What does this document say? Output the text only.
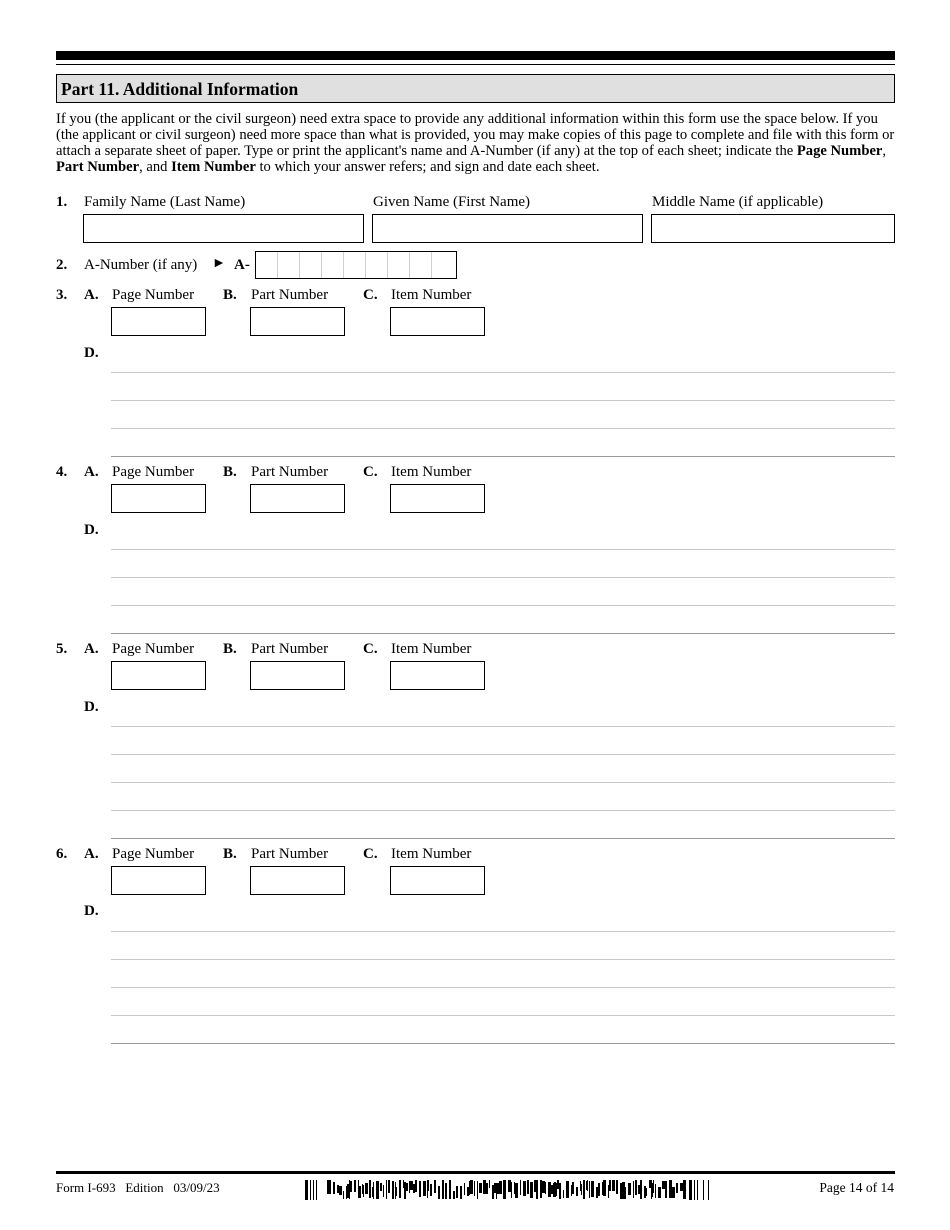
Part 11. Additional Information
If you (the applicant or the civil surgeon) need extra space to provide any additional information within this form use the space below. If you (the applicant or civil surgeon) need more space than what is provided, you may make copies of this page to complete and file with this form or attach a separate sheet of paper. Type or print the applicant's name and A-Number (if any) at the top of each sheet; indicate the Page Number, Part Number, and Item Number to which your answer refers; and sign and date each sheet.
1. Family Name (Last Name)	Given Name (First Name)	Middle Name (if applicable)
2. A-Number (if any) ► A-
3. A. Page Number B. Part Number C. Item Number
D.
4. A. Page Number B. Part Number C. Item Number
D.
5. A. Page Number B. Part Number C. Item Number
D.
6. A. Page Number B. Part Number C. Item Number
D.
Form I-693   Edition   03/09/23	Page 14 of 14
